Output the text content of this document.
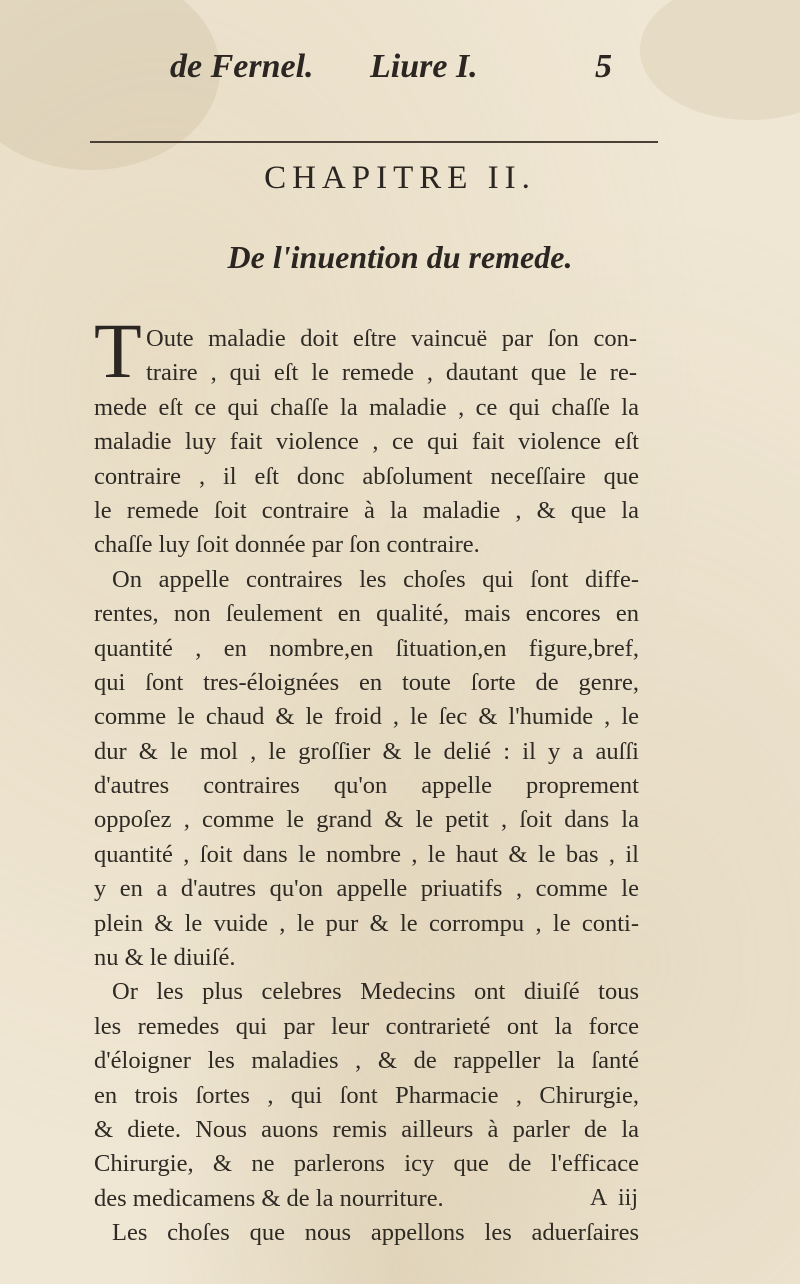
de Fernel. Liure I.	5
CHAPITRE II.
De l'inuention du remede.
T Oute maladie doit eſtre vaincuë par ſon con-
traire , qui eſt le remede , dautant que le re-
mede eſt ce qui chaſſe la maladie , ce qui chaſſe la
maladie luy fait violence , ce qui fait violence eſt
contraire , il eſt donc abſolument neceſſaire que
le remede ſoit contraire à la maladie , & que la
chaſſe luy ſoit donnée par ſon contraire.
On appelle contraires les choſes qui ſont diffe-
rentes, non ſeulement en qualité, mais encores en
quantité , en nombre,en ſituation,en figure,bref,
qui ſont tres-éloignées en toute ſorte de genre,
comme le chaud & le froid , le ſec & l'humide , le
dur & le mol , le groſſier & le delié : il y a auſſi
d'autres contraires qu'on appelle proprement
oppoſez , comme le grand & le petit , ſoit dans la
quantité , ſoit dans le nombre , le haut & le bas , il
y en a d'autres qu'on appelle priuatifs , comme le
plein & le vuide , le pur & le corrompu , le conti-
nu & le diuiſé.
Or les plus celebres Medecins ont diuiſé tous
les remedes qui par leur contrarieté ont la force
d'éloigner les maladies , & de rappeller la ſanté
en trois ſortes , qui ſont Pharmacie , Chirurgie,
& diete. Nous auons remis ailleurs à parler de la
Chirurgie, & ne parlerons icy que de l'efficace
des medicamens & de la nourriture.
Les choſes que nous appellons les aduerſaires
A iij
